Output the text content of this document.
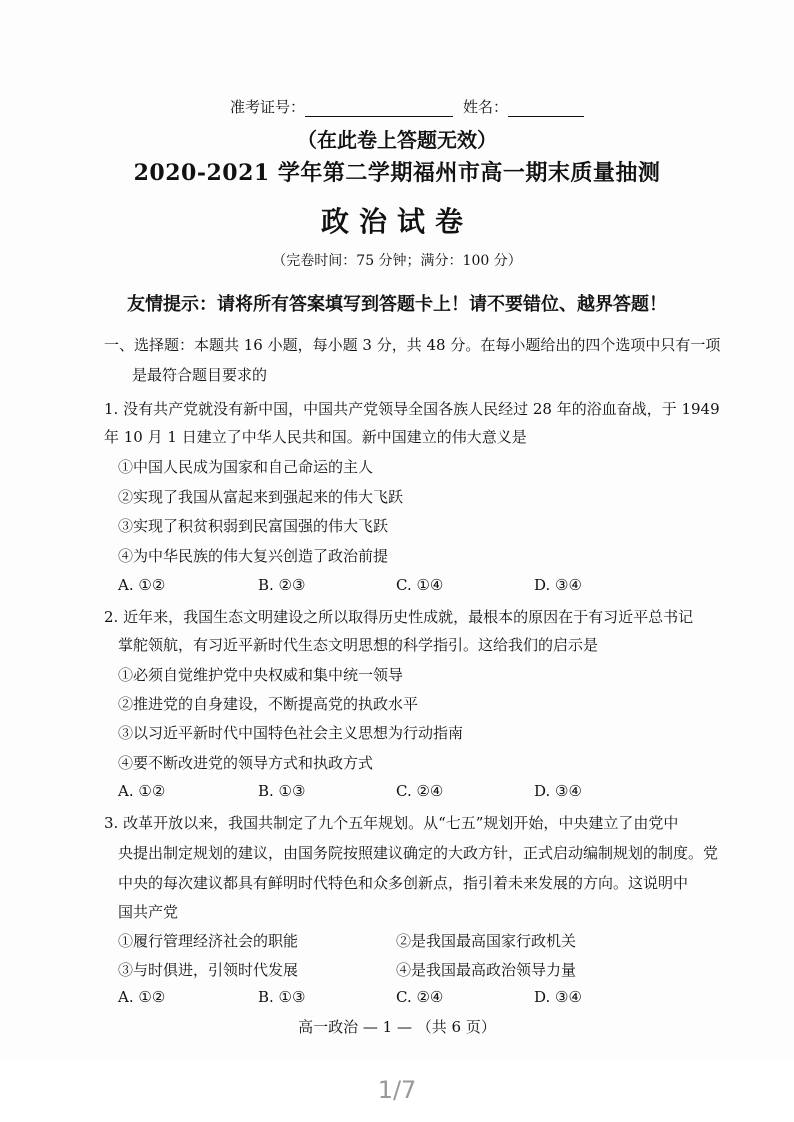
准考证号：	姓名：
（在此卷上答题无效）
2020-2021 学年第二学期福州市高一期末质量抽测
政治试卷
（完卷时间：75 分钟；满分：100 分）
友情提示：请将所有答案填写到答题卡上！请不要错位、越界答题！
一、选择题：本题共 16 小题，每小题 3 分，共 48 分。在每小题给出的四个选项中只有一项
是最符合题目要求的
1. 没有共产党就没有新中国，中国共产党领导全国各族人民经过 28 年的浴血奋战，于 1949
年 10 月 1 日建立了中华人民共和国。新中国建立的伟大意义是
①中国人民成为国家和自己命运的主人
②实现了我国从富起来到强起来的伟大飞跃
③实现了积贫积弱到民富国强的伟大飞跃
④为中华民族的伟大复兴创造了政治前提
A. ①②	B. ②③	C. ①④	D. ③④
2. 近年来，我国生态文明建设之所以取得历史性成就，最根本的原因在于有习近平总书记
掌舵领航，有习近平新时代生态文明思想的科学指引。这给我们的启示是
①必须自觉维护党中央权威和集中统一领导
②推进党的自身建设，不断提高党的执政水平
③以习近平新时代中国特色社会主义思想为行动指南
④要不断改进党的领导方式和执政方式
A. ①②	B. ①③	C. ②④	D. ③④
3. 改革开放以来，我国共制定了九个五年规划。从“七五”规划开始，中央建立了由党中
央提出制定规划的建议，由国务院按照建议确定的大政方针，正式启动编制规划的制度。党
中央的每次建议都具有鲜明时代特色和众多创新点，指引着未来发展的方向。这说明中
国共产党
①履行管理经济社会的职能	②是我国最高国家行政机关
③与时俱进，引领时代发展	④是我国最高政治领导力量
A. ①②	B. ①③	C. ②④	D. ③④
高一政治 — 1 — （共 6 页）
1/7
